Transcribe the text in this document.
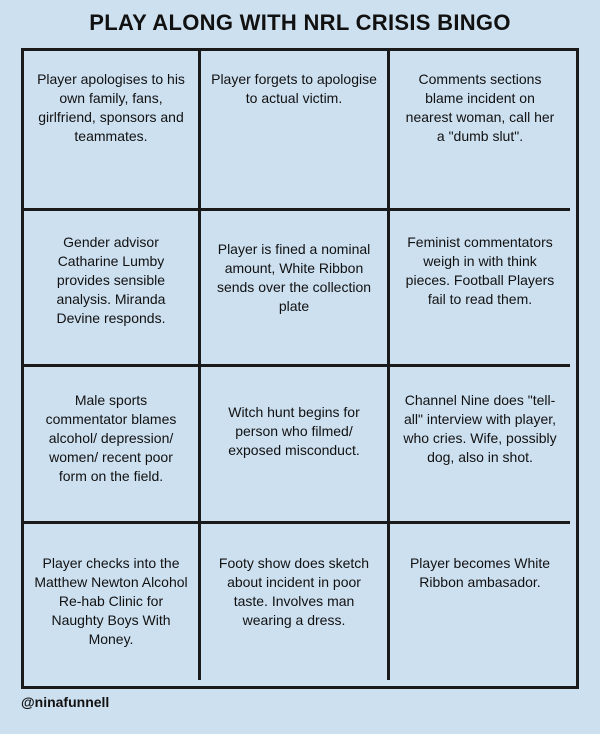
PLAY ALONG WITH NRL CRISIS BINGO
Player apologises to his own family, fans, girlfriend, sponsors and teammates.
Player forgets to apologise to actual victim.
Comments sections blame incident on nearest woman, call her a "dumb slut".
Gender advisor Catharine Lumby provides sensible analysis. Miranda Devine responds.
Player is fined a nominal amount, White Ribbon sends over the collection plate
Feminist commentators weigh in with think pieces. Football Players fail to read them.
Male sports commentator blames alcohol/ depression/ women/ recent poor form on the field.
Witch hunt begins for person who filmed/ exposed misconduct.
Channel Nine does "tell-all" interview with player, who cries. Wife, possibly dog, also in shot.
Player checks into the Matthew Newton Alcohol Re-hab Clinic for Naughty Boys With Money.
Footy show does sketch about incident in poor taste. Involves man wearing a dress.
Player becomes White Ribbon ambasador.
@ninafunnell
